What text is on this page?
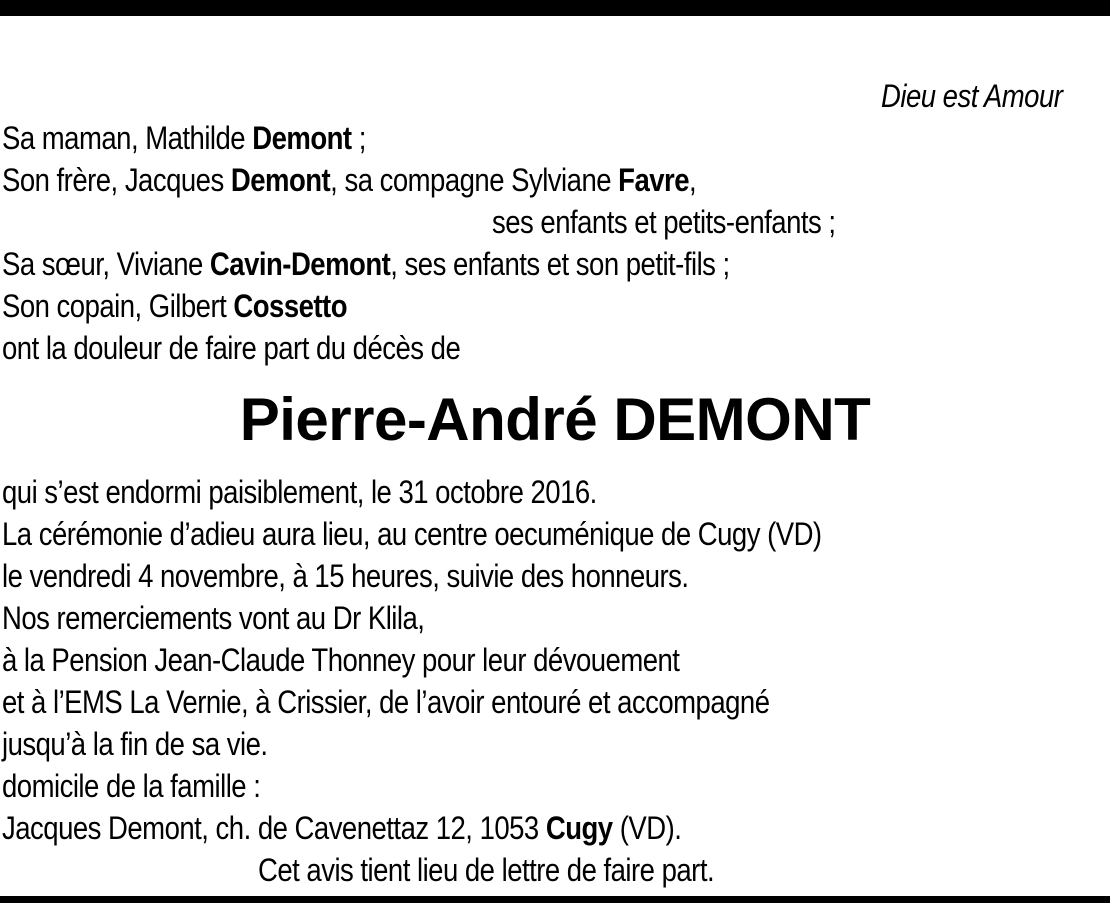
Dieu est Amour
Sa maman, Mathilde Demont ;
Son frère, Jacques Demont, sa compagne Sylviane Favre,
ses enfants et petits-enfants ;
Sa sœur, Viviane Cavin-Demont, ses enfants et son petit-fils ;
Son copain, Gilbert Cossetto
ont la douleur de faire part du décès de
Pierre-André DEMONT
qui s’est endormi paisiblement, le 31 octobre 2016.
La cérémonie d’adieu aura lieu, au centre oecuménique de Cugy (VD)
le vendredi 4 novembre, à 15 heures, suivie des honneurs.
Nos remerciements vont au Dr Klila,
à la Pension Jean-Claude Thonney pour leur dévouement
et à l’EMS La Vernie, à Crissier, de l’avoir entouré et accompagné
jusqu’à la fin de sa vie.
domicile de la famille :
Jacques Demont, ch. de Cavenettaz 12, 1053 Cugy (VD).
Cet avis tient lieu de lettre de faire part.
